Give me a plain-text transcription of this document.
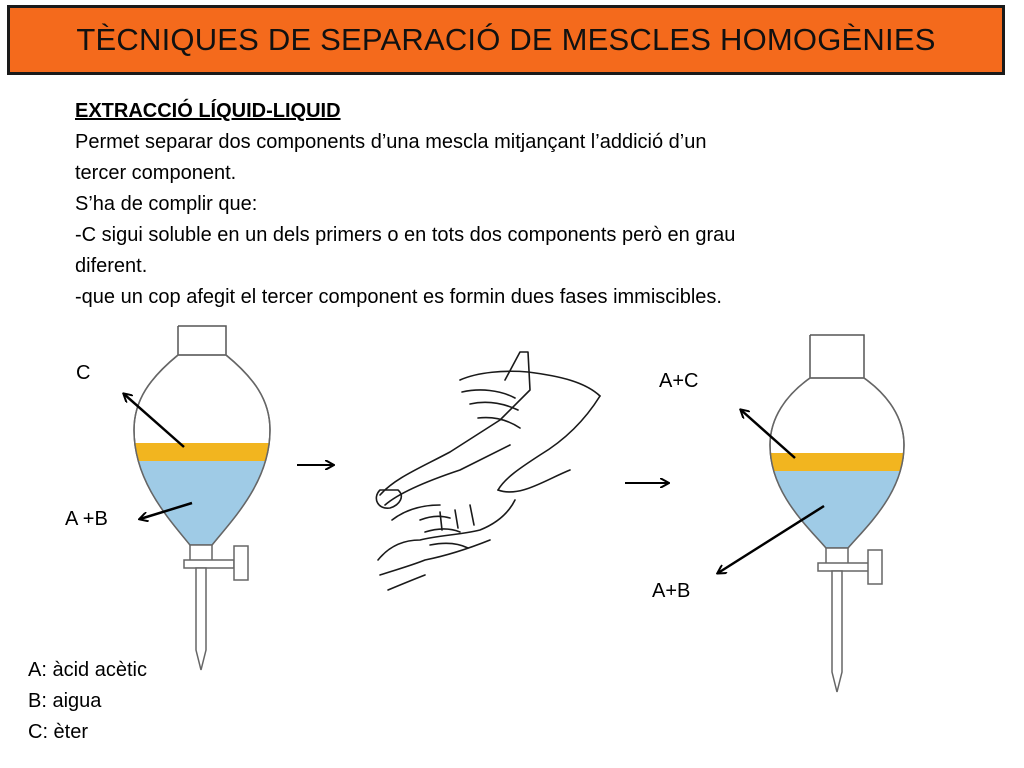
TÈCNIQUES DE SEPARACIÓ DE MESCLES HOMOGÈNIES
EXTRACCIÓ LÍQUID-LIQUID
Permet separar dos components d’una mescla mitjançant l’addició d’un
tercer component.
S’ha de complir que:
-C sigui soluble en un dels primers o en tots dos components però en grau
diferent.
-que un cop afegit el tercer component es formin dues fases immiscibles.
C
A +B
A+C
A+B
A: àcid acètic
B: aigua
C: èter
